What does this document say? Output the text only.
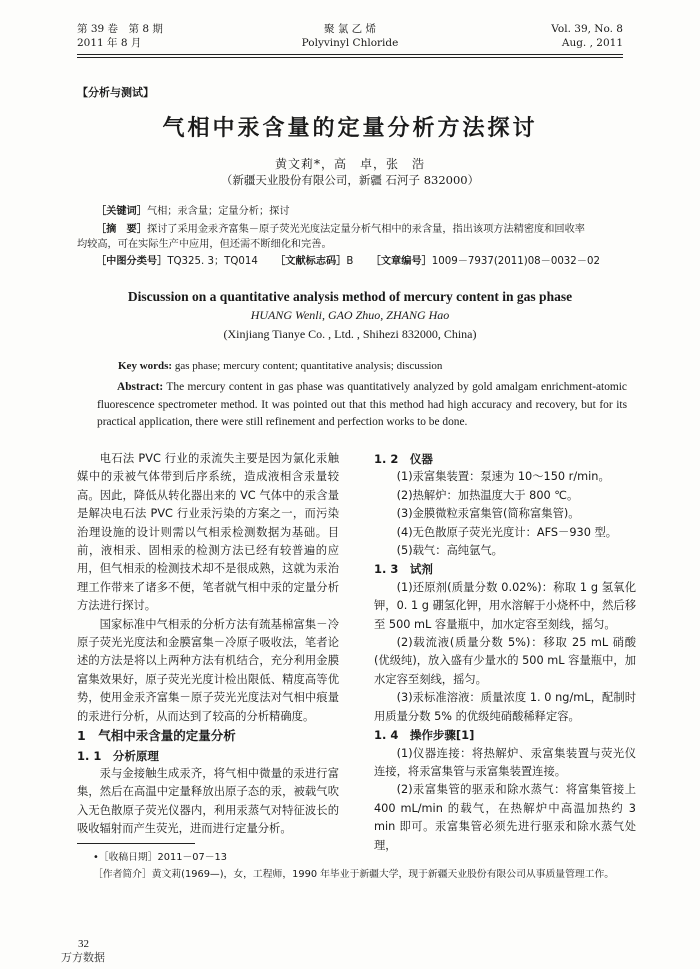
第 39 卷　第 8 期
2011 年 8 月
聚 氯 乙 烯
Polyvinyl Chloride
Vol. 39, No. 8
Aug. , 2011
【分析与测试】
气相中汞含量的定量分析方法探讨
黄文莉*，高　卓，张　浩
（新疆天业股份有限公司，新疆 石河子 832000）
［关键词］气相；汞含量；定量分析；探讨
［摘　要］探讨了采用金汞齐富集－原子荧光光度法定量分析气相中的汞含量，指出该项方法精密度和回收率
均较高，可在实际生产中应用，但还需不断细化和完善。
［中图分类号］TQ325. 3；TQ014 ［文献标志码］B ［文章编号］1009－7937(2011)08－0032－02
Discussion on a quantitative analysis method of mercury content in gas phase
HUANG Wenli, GAO Zhuo, ZHANG Hao
(Xinjiang Tianye Co. , Ltd. , Shihezi 832000, China)
Key words: gas phase; mercury content; quantitative analysis; discussion
Abstract: The mercury content in gas phase was quantitatively analyzed by gold amalgam enrichment-atomic fluorescence spectrometer method. It was pointed out that this method had high accuracy and recovery, but for its practical application, there were still refinement and perfection works to be done.

电石法 PVC 行业的汞流失主要是因为氯化汞触媒中的汞被气体带到后序系统，造成液相含汞量较高。因此，降低从转化器出来的 VC 气体中的汞含量是解决电石法 PVC 行业汞污染的方案之一，而污染治理设施的设计则需以气相汞检测数据为基础。目前，液相汞、固相汞的检测方法已经有较普遍的应用，但气相汞的检测技术却不是很成熟，这就为汞治理工作带来了诸多不便，笔者就气相中汞的定量分析方法进行探讨。

国家标准中气相汞的分析方法有巯基棉富集－冷原子荧光光度法和金膜富集－冷原子吸收法，笔者论述的方法是将以上两种方法有机结合，充分利用金膜富集效果好，原子荧光光度计检出限低、精度高等优势，使用金汞齐富集－原子荧光光度法对气相中痕量的汞进行分析，从而达到了较高的分析精确度。

1　气相中汞含量的定量分析

1. 1　分析原理

汞与金接触生成汞齐，将气相中微量的汞进行富集，然后在高温中定量释放出原子态的汞，被载气吹入无色散原子荧光仪器内，利用汞蒸气对特征波长的吸收辐射而产生荧光，进而进行定量分析。

1. 2　仪器

(1)汞富集装置：泵速为 10～150 r/min。

(2)热解炉：加热温度大于 800 ℃。

(3)金膜微粒汞富集管(简称富集管)。

(4)无色散原子荧光光度计：AFS－930 型。

(5)载气：高纯氩气。

1. 3　试剂

(1)还原剂(质量分数 0.02%)：称取 1 g 氢氧化钾，0. 1 g 硼氢化钾，用水溶解于小烧杯中，然后移至 500 mL 容量瓶中，加水定容至刻线，摇匀。

(2)载流液(质量分数 5%)：移取 25 mL 硝酸(优级纯)，放入盛有少量水的 500 mL 容量瓶中，加水定容至刻线，摇匀。

(3)汞标准溶液：质量浓度 1. 0 ng/mL，配制时用质量分数 5% 的优级纯硝酸稀释定容。

1. 4　操作步骤[1]

(1)仪器连接：将热解炉、汞富集装置与荧光仪连接，将汞富集管与汞富集装置连接。

(2)汞富集管的驱汞和除水蒸气：将富集管接上 400 mL/min 的载气，在热解炉中高温加热约 3 min 即可。汞富集管必须先进行驱汞和除水蒸气处理，

•［收稿日期］2011－07－13
［作者简介］黄文莉(1969—)，女，工程师，1990 年毕业于新疆大学，现于新疆天业股份有限公司从事质量管理工作。
32
万方数据
